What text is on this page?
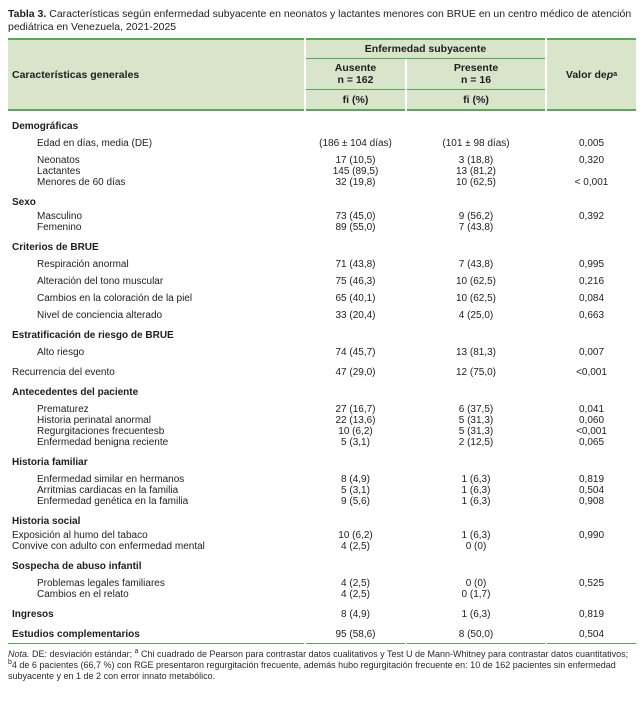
Tabla 3. Características según enfermedad subyacente en neonatos y lactantes menores con BRUE en un centro médico de atención pediátrica en Venezuela, 2021-2025
Características generales
Enfermedad subyacente
Ausente
n = 162
Presente
n = 16
fi (%)	fi (%)
Valor de p a
Demográficas
Edad en días, media (DE)	(186 ± 104 días)	(101 ± 98 días)	0,005
Neonatos	17 (10,5)	3 (18,8)	0,320
Lactantes	145 (89,5)	13 (81,2)
Menores de 60 días	32 (19,8)	10 (62,5)	< 0,001
Sexo
Masculino	73 (45,0)	9 (56,2)	0,392
Femenino	89 (55,0)	7 (43,8)
Criterios de BRUE
Respiración anormal	71 (43,8)	7 (43,8)	0,995
Alteración del tono muscular	75 (46,3)	10 (62,5)	0,216
Cambios en la coloración de la piel	65 (40,1)	10 (62,5)	0,084
Nivel de conciencia alterado	33 (20,4)	4 (25,0)	0,663
Estratificación de riesgo de BRUE
Alto riesgo	74 (45,7)	13 (81,3)	0,007
Recurrencia del evento	47 (29,0)	12 (75,0)	<0,001
Antecedentes del paciente
Prematurez	27 (16,7)	6 (37,5)	0,041
Historia perinatal anormal	22 (13,6)	5 (31,3)	0,060
Regurgitaciones frecuentesb	10 (6,2)	5 (31,3)	<0,001
Enfermedad benigna reciente	5 (3,1)	2 (12,5)	0,065
Historia familiar
Enfermedad similar en hermanos	8 (4,9)	1 (6,3)	0,819
Arritmias cardiacas en la familia	5 (3,1)	1 (6,3)	0,504
Enfermedad genética en la familia	9 (5,6)	1 (6,3)	0,908
Historia social
Exposición al humo del tabaco	10 (6,2)	1 (6,3)	0,990
Convive con adulto con enfermedad mental	4 (2,5)	0 (0)
Sospecha de abuso infantil
Problemas legales familiares	4 (2,5)	0 (0)	0,525
Cambios en el relato	4 (2,5)	0 (1,7)
Ingresos	8 (4,9)	1 (6,3)	0,819
Estudios complementarios	95 (58,6)	8 (50,0)	0,504
Nota. DE: desviación estándar; $^a$ Chi cuadrado de Pearson para contrastar datos cualitativos y Test U de Mann-Whitney para contrastar datos cuantitativos; $^b$4 de 6 pacientes (66,7 %) con RGE presentaron regurgitación frecuente, además hubo regurgitación frecuente en: 10 de 162 pacientes sin enfermedad subyacente y en 1 de 2 con error innato metabólico.
